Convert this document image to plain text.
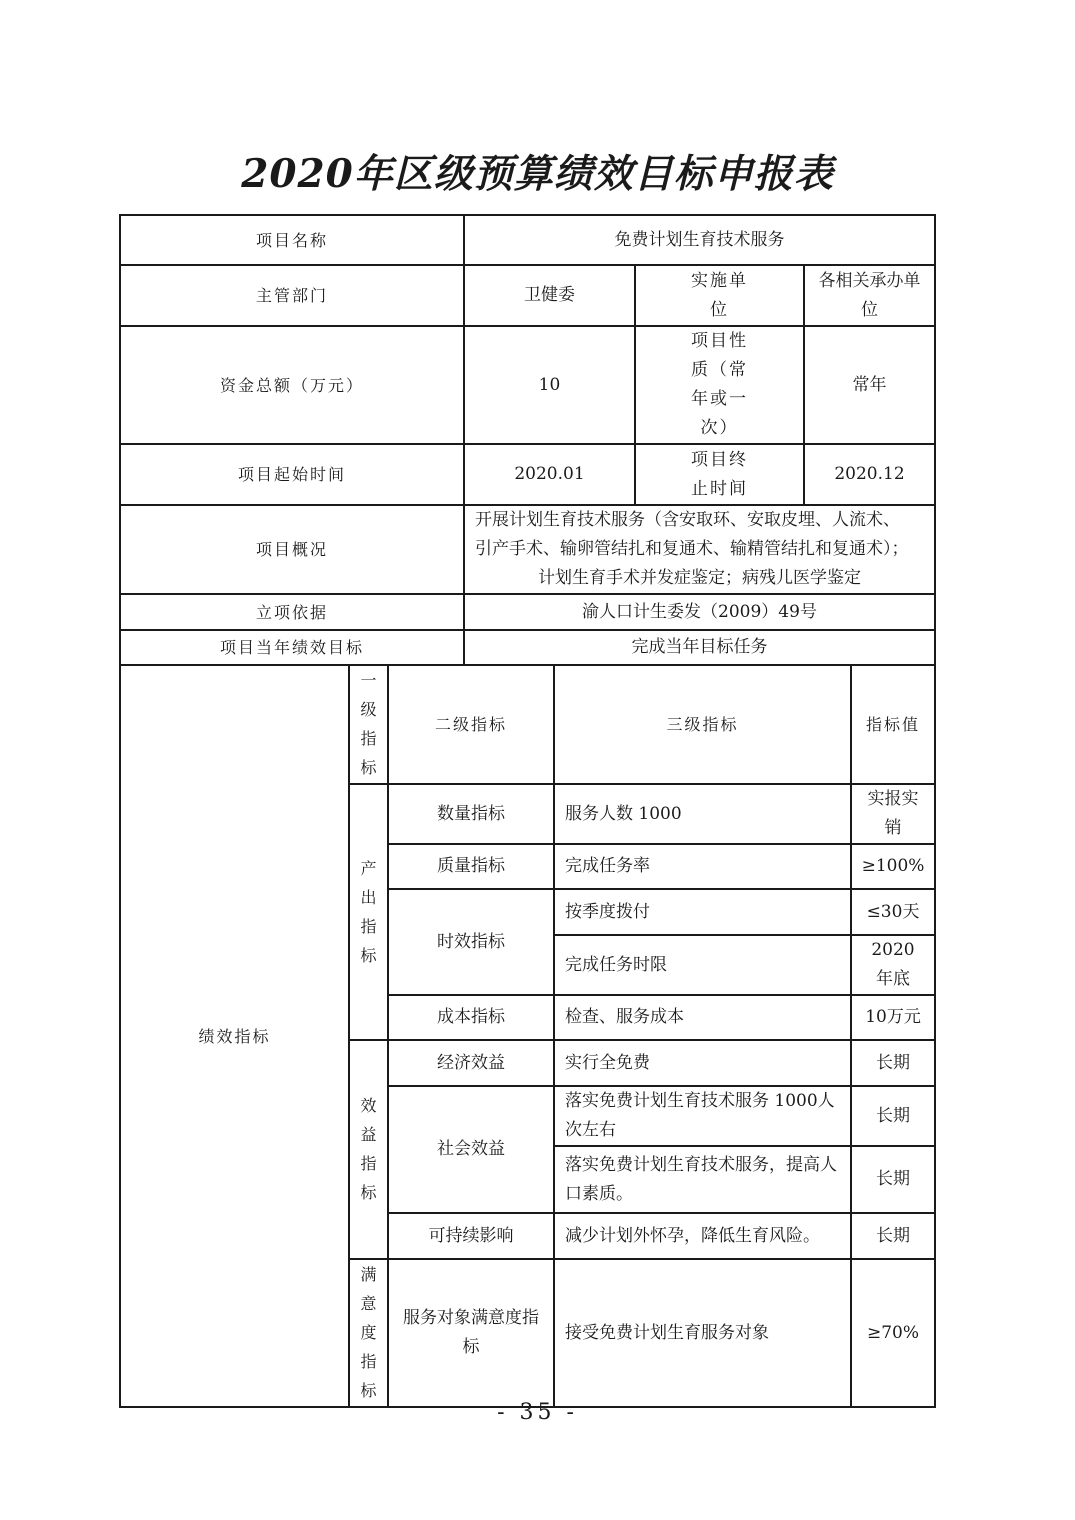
2020年区级预算绩效目标申报表
项目名称			免费计划生育技术服务				
主管部门			卫健委		实施单位	各相关承办单位	
资金总额（万元）			10		项目性质（常年或一次）	常年	
项目起始时间			2020.01		项目终止时间	2020.12	
项目概况			开展计划生育技术服务（含安取环、安取皮埋、人流术、
引产手术、输卵管结扎和复通术、输精管结扎和复通术）；
计划生育手术并发症鉴定；病残儿医学鉴定				

立项依据			渝人口计生委发（2009）49号				
项目当年绩效目标			完成当年目标任务				
绩效指标	一级指标	二级指标		三级指标			指标值
	产出指标	数量指标		服务人数 1000			实报实销
		质量指标		完成任务率			≥100%
		时效指标		按季度拨付			≤30天
				完成任务时限			2020年底
		成本指标		检查、服务成本			10万元
	效益指标	经济效益		实行全免费			长期
		社会效益		落实免费计划生育技术服务 1000人次左右			长期
				落实免费计划生育技术服务，提高人口素质。			长期
		可持续影响		减少计划外怀孕，降低生育风险。			长期
	满意度指标	服务对象满意度指标		接受免费计划生育服务对象			≥70%
- 35 -
